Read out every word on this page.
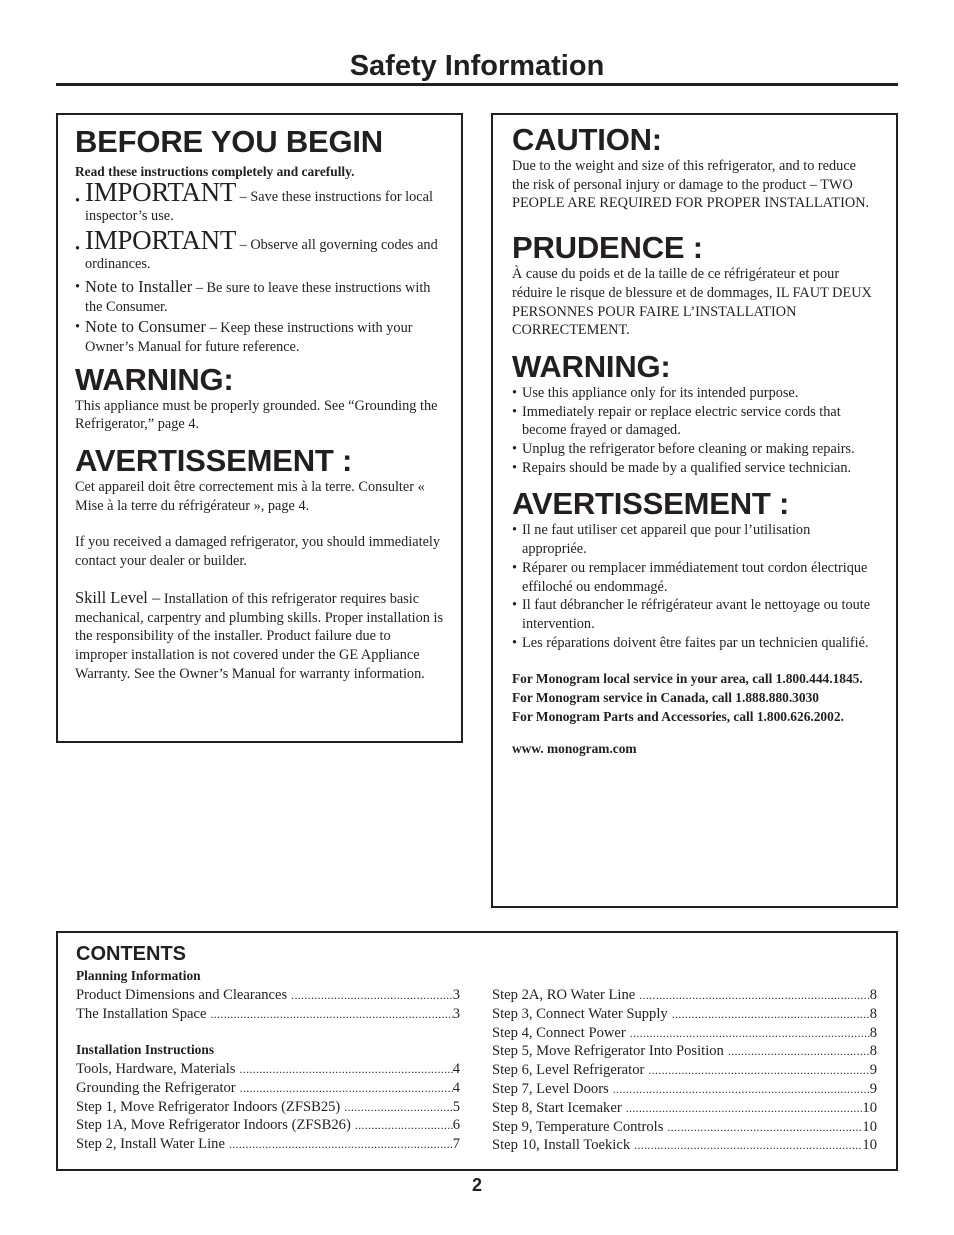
Safety Information
BEFORE YOU BEGIN

Read these instructions completely and carefully.

• IMPORTANT – Save these instructions for local inspector’s use.
• IMPORTANT – Observe all governing codes and ordinances.
• Note to Installer – Be sure to leave these instructions with the Consumer.
• Note to Consumer – Keep these instructions with your Owner’s Manual for future reference.
WARNING:

This appliance must be properly grounded. See “Grounding the Refrigerator,” page 4.

AVERTISSEMENT :

Cet appareil doit être correctement mis à la terre. Consulter « Mise à la terre du réfrigérateur », page 4.

If you received a damaged refrigerator, you should immediately contact your dealer or builder.

Skill Level – Installation of this refrigerator requires basic mechanical, carpentry and plumbing skills. Proper installation is the responsibility of the installer. Product failure due to improper installation is not covered under the GE Appliance Warranty. See the Owner’s Manual for warranty information.

CAUTION:

Due to the weight and size of this refrigerator, and to reduce the risk of personal injury or damage to the product – TWO PEOPLE ARE REQUIRED FOR PROPER INSTALLATION.

PRUDENCE :

À cause du poids et de la taille de ce réfrigérateur et pour réduire le risque de blessure et de dommages, IL FAUT DEUX PERSONNES POUR FAIRE L’INSTALLATION CORRECTEMENT.

WARNING:
• Use this appliance only for its intended purpose.
• Immediately repair or replace electric service cords that become frayed or damaged.
• Unplug the refrigerator before cleaning or making repairs.
• Repairs should be made by a qualified service technician.
AVERTISSEMENT :
• Il ne faut utiliser cet appareil que pour l’utilisation appropriée.
• Réparer ou remplacer immédiatement tout cordon électrique effiloché ou endommagé.
• Il faut débrancher le réfrigérateur avant le nettoyage ou toute intervention.
• Les réparations doivent être faites par un technicien qualifié.

For Monogram local service in your area, call 1.800.444.1845.

For Monogram service in Canada, call 1.888.880.3030

For Monogram Parts and Accessories, call 1.800.626.2002.

www. monogram.com

CONTENTS
Planning Information
Product Dimensions and Clearances .....	3
The Installation Space .....	3
Installation Instructions
Tools, Hardware, Materials .....	4
Grounding the Refrigerator .....	4
Step 1, Move Refrigerator Indoors (ZFSB25) .....	5
Step 1A, Move Refrigerator Indoors (ZFSB26) .....	6
Step 2, Install Water Line .....	7
Step 2A, RO Water Line .....	8
Step 3, Connect Water Supply .....	8
Step 4, Connect Power .....	8
Step 5, Move Refrigerator Into Position .....	8
Step 6, Level Refrigerator .....	9
Step 7, Level Doors .....	9
Step 8, Start Icemaker .....	10
Step 9, Temperature Controls .....	10
Step 10, Install Toekick .....	10
2
